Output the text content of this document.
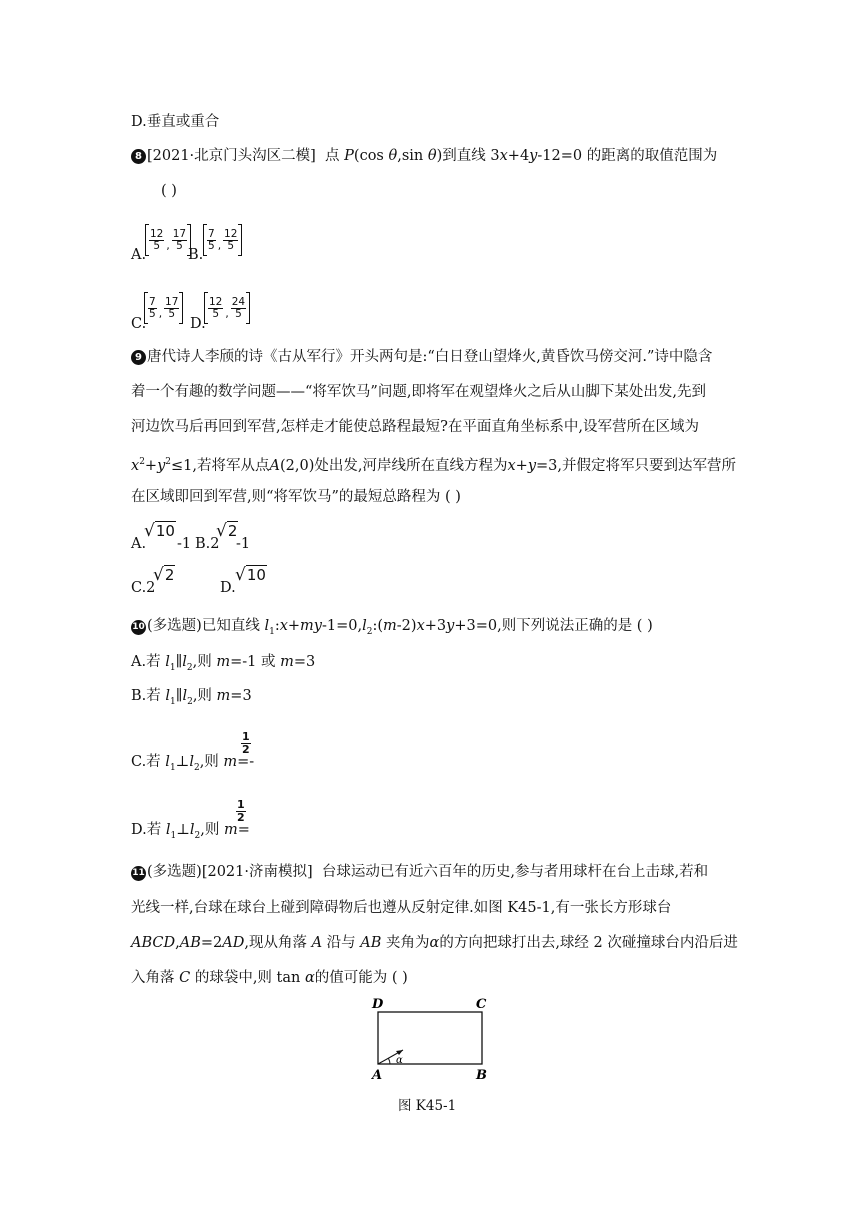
D.垂直或重合
8 [2021·北京门头沟区二模] 点 P(cos θ,sin θ)到直线 3x+4y-12=0 的距离的取值范围为
( )
A.
12
5 ,
17
5
B.
7
5 ,
12
5
C.
7
5 ,
17
5
D.
12
5 ,
24
5
9 唐代诗人李颀的诗《古从军行》开头两句是:“白日登山望烽火,黄昏饮马傍交河.”诗中隐含
着一个有趣的数学问题——“将军饮马”问题,即将军在观望烽火之后从山脚下某处出发,先到
河边饮马后再回到军营,怎样走才能使总路程最短?在平面直角坐标系中,设军营所在区域为
$x^2+y^2\le 1$,若将军从点A(2,0)处出发,河岸线所在直线方程为x+y=3,并假定将军只要到达军营所
在区域即回到军营,则“将军饮马”的最短总路程为 ( )
A.
√10
-1 B.2
√2
-1
C.2
√2
D.
√10
10 (多选题)已知直线 $l_1:x+my-1=0,l_2:(m-2)x+3y+3=0$,则下列说法正确的是 ( )
A.若 $l_1\parallel l_2$,则 m=-1 或 m=3
B.若 $l_1\parallel l_2$,则 m=3
C.若 $l_1\perp l_2$,则 m=-
1
2
D.若 $l_1\perp l_2$,则 m=
1
2
11 (多选题)[2021·济南模拟] 台球运动已有近六百年的历史,参与者用球杆在台上击球,若和
光线一样,台球在球台上碰到障碍物后也遵从反射定律.如图 K45-1,有一张长方形球台
ABCD,AB=2AD,现从角落 A 沿与 AB 夹角为α的方向把球打出去,球经 2 次碰撞球台内沿后进
入角落 C 的球袋中,则 tan α的值可能为 ( )
D	C
A	B
α
图 K45-1
